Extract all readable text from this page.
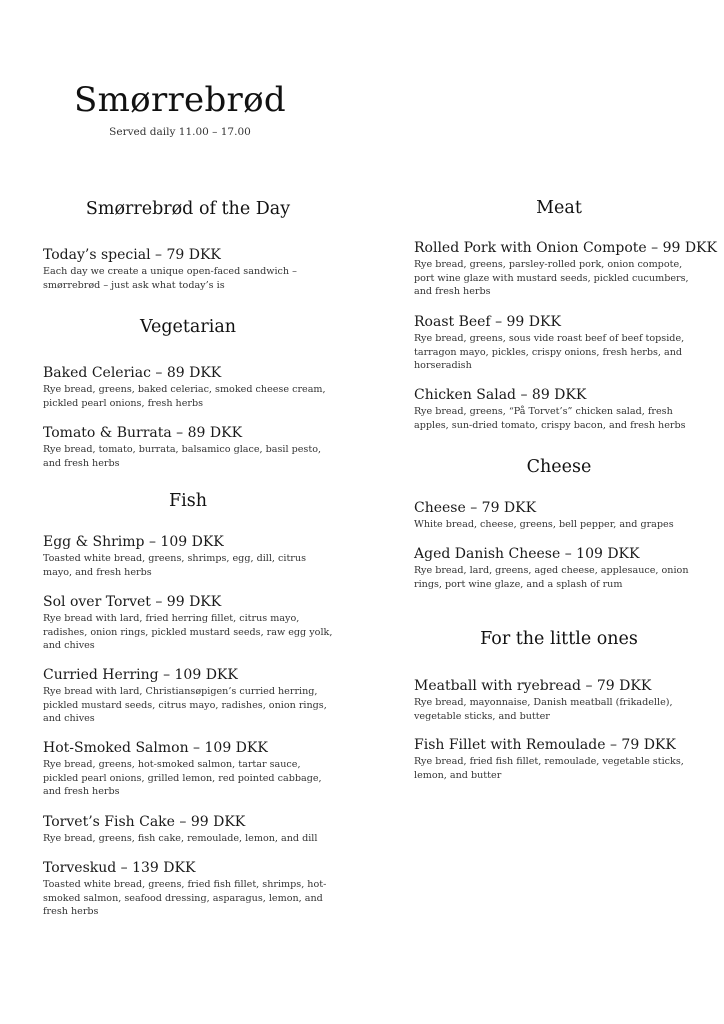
Smørrebrød
Served daily 11.00 – 17.00
Smørrebrød of the Day
Today’s special – 79 DKK
Each day we create a unique open-faced sandwich – smørrebrød – just ask what today’s is
Vegetarian
Baked Celeriac – 89 DKK
Rye bread, greens, baked celeriac, smoked cheese cream, pickled pearl onions, fresh herbs
Tomato & Burrata – 89 DKK
Rye bread, tomato, burrata, balsamico glace, basil pesto, and fresh herbs
Fish
Egg & Shrimp – 109 DKK
Toasted white bread, greens, shrimps, egg, dill, citrus mayo, and fresh herbs
Sol over Torvet – 99 DKK
Rye bread with lard, fried herring fillet, citrus mayo, radishes, onion rings, pickled mustard seeds, raw egg yolk, and chives
Curried Herring – 109 DKK
Rye bread with lard, Christiansøpigen’s curried herring, pickled mustard seeds, citrus mayo, radishes, onion rings, and chives
Hot-Smoked Salmon – 109 DKK
Rye bread, greens, hot-smoked salmon, tartar sauce, pickled pearl onions, grilled lemon, red pointed cabbage, and fresh herbs
Torvet’s Fish Cake – 99 DKK
Rye bread, greens, fish cake, remoulade, lemon, and dill
Torveskud – 139 DKK
Toasted white bread, greens, fried fish fillet, shrimps, hot-smoked salmon, seafood dressing, asparagus, lemon, and fresh herbs
Meat
Rolled Pork with Onion Compote – 99 DKK
Rye bread, greens, parsley-rolled pork, onion compote, port wine glaze with mustard seeds, pickled cucumbers, and fresh herbs
Roast Beef – 99 DKK
Rye bread, greens, sous vide roast beef of beef topside, tarragon mayo, pickles, crispy onions, fresh herbs, and horseradish
Chicken Salad – 89 DKK
Rye bread, greens, “På Torvet’s” chicken salad, fresh apples, sun-dried tomato, crispy bacon, and fresh herbs
Cheese
Cheese – 79 DKK
White bread, cheese, greens, bell pepper, and grapes
Aged Danish Cheese – 109 DKK
Rye bread, lard, greens, aged cheese, applesauce, onion rings, port wine glaze, and a splash of rum
For the little ones
Meatball with ryebread – 79 DKK
Rye bread, mayonnaise, Danish meatball (frikadelle), vegetable sticks, and butter
Fish Fillet with Remoulade – 79 DKK
Rye bread, fried fish fillet, remoulade, vegetable sticks, lemon, and butter
